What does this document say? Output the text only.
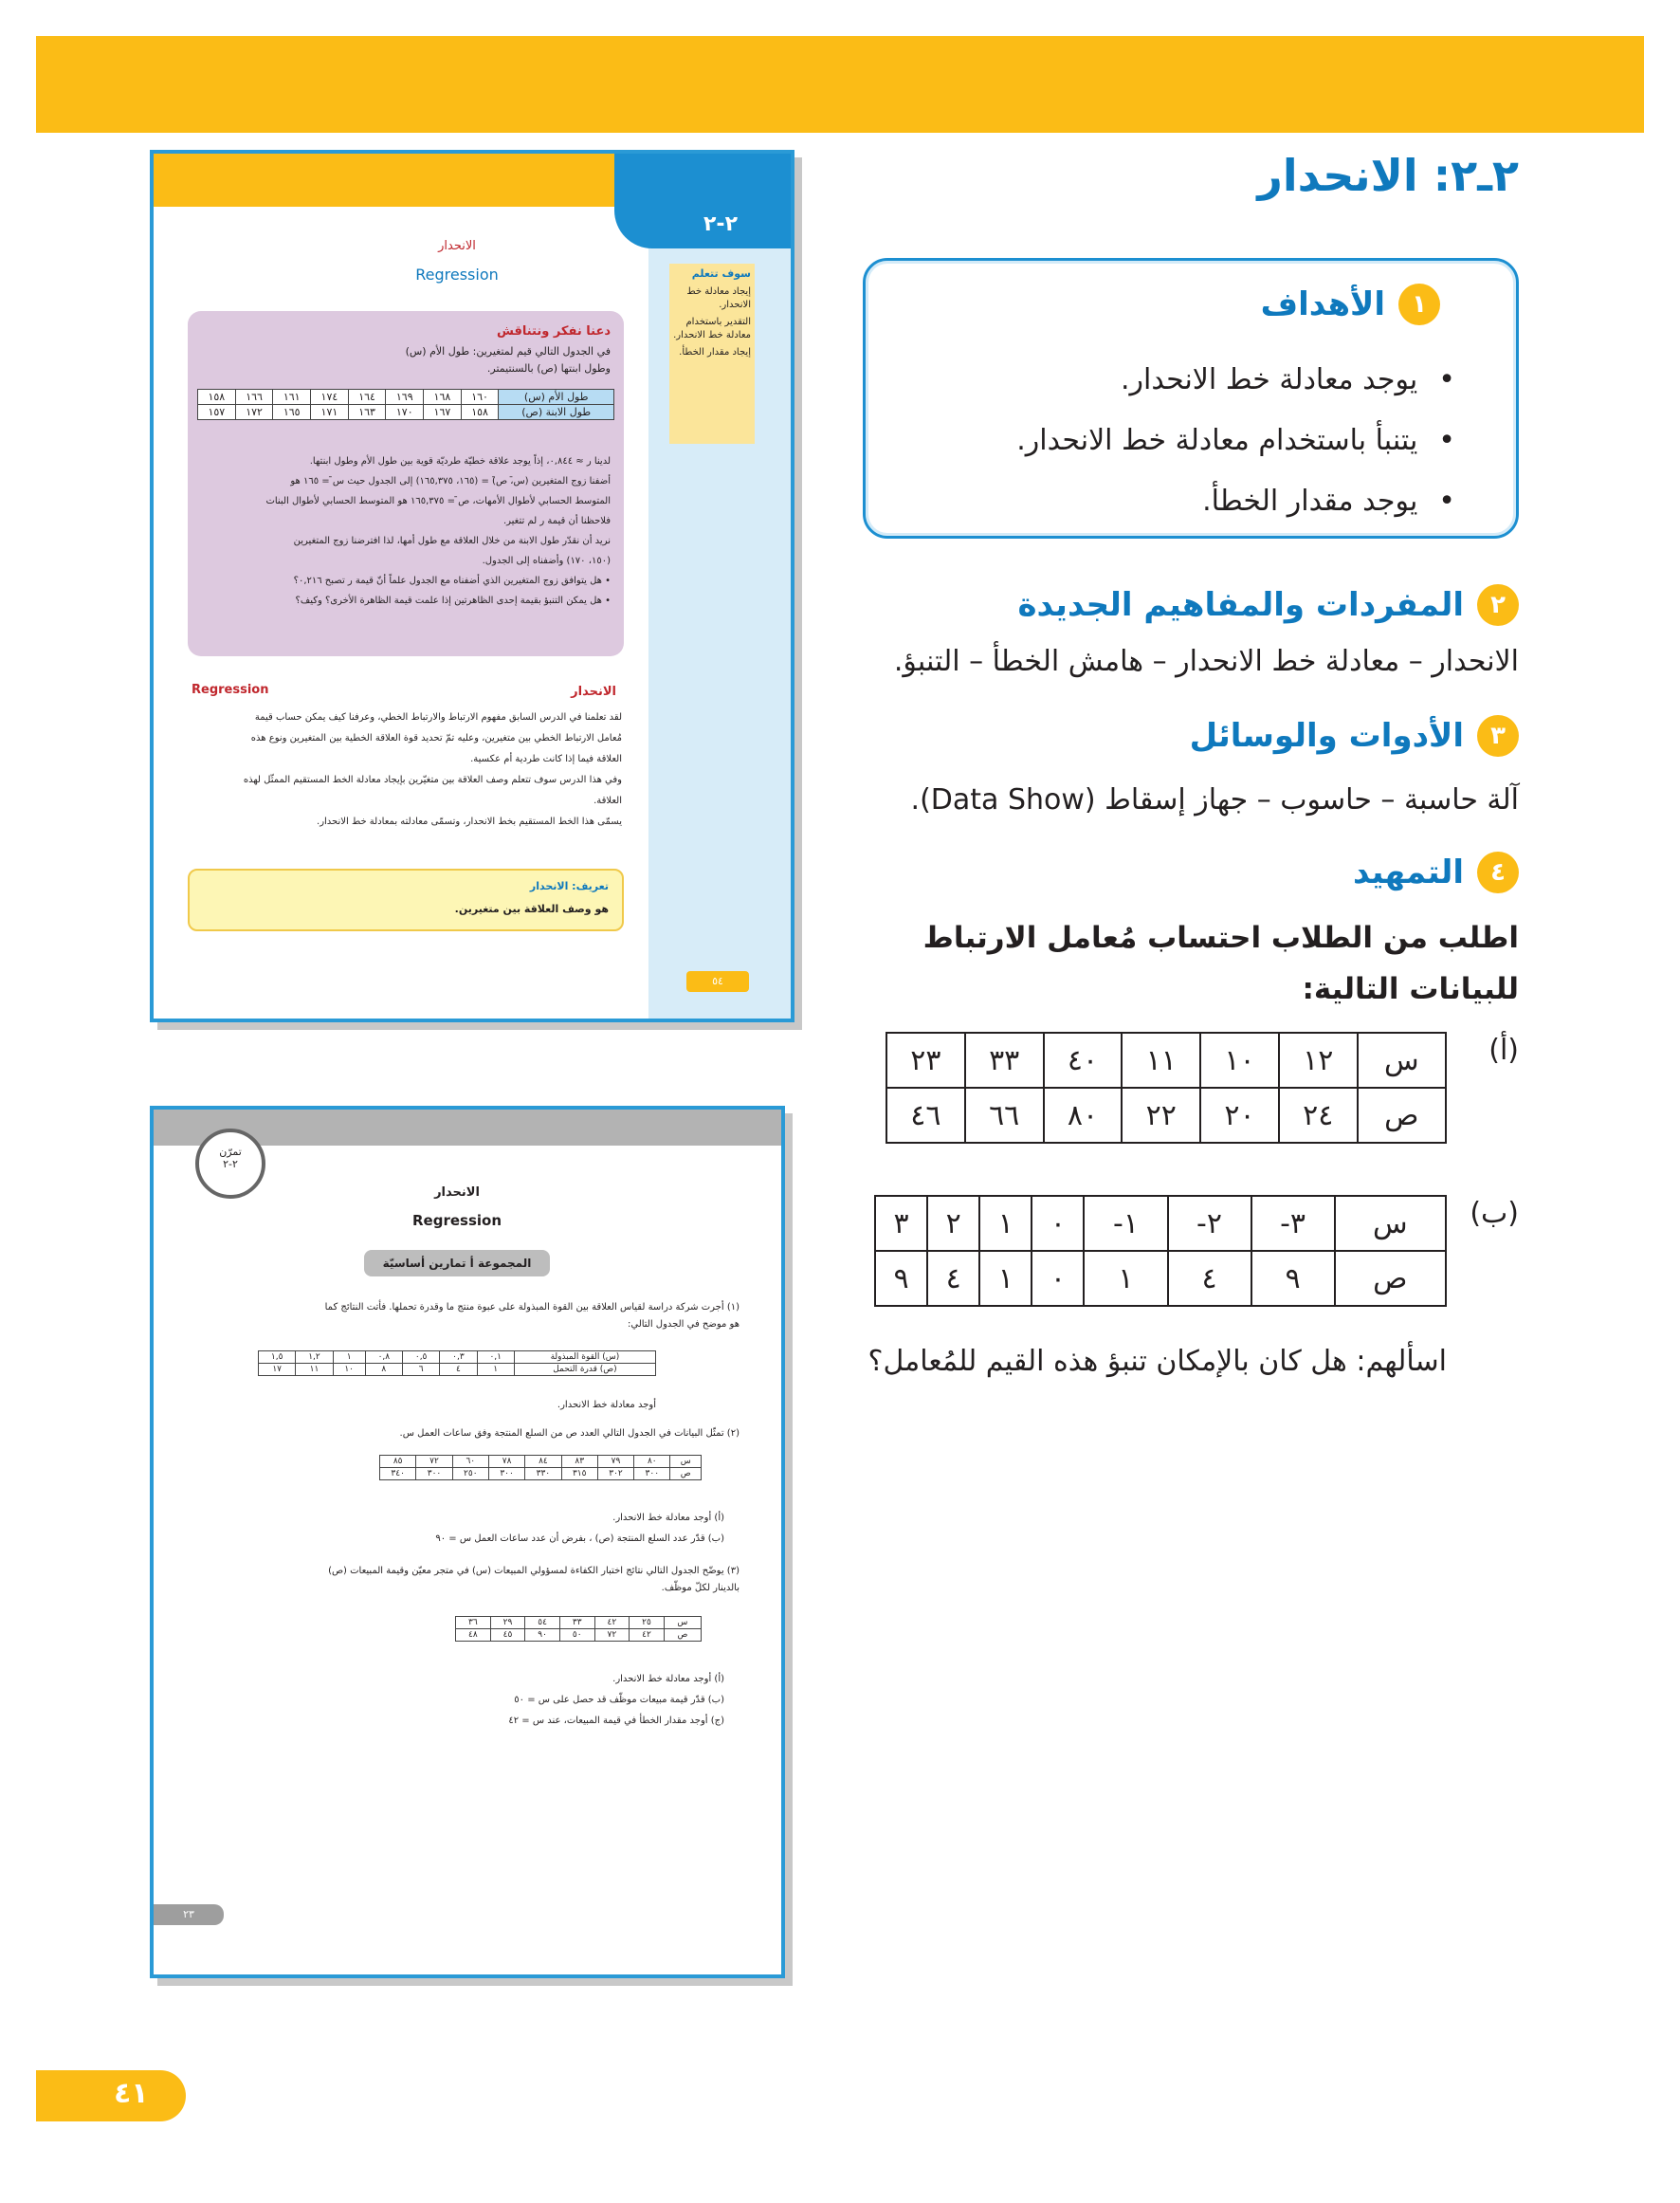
٢ـ٢: الانحدار
١
الأهداف
• يوجد معادلة خط الانحدار.
• يتنبأ باستخدام معادلة خط الانحدار.
• يوجد مقدار الخطأ.
٢
المفردات والمفاهيم الجديدة
الانحدار – معادلة خط الانحدار – هامش الخطأ – التنبؤ.
٣
الأدوات والوسائل
آلة حاسبة – حاسوب – جهاز إسقاط (Data Show).
٤
التمهيد
اطلب من الطلاب احتساب مُعامل الارتباط للبيانات التالية:
(أ)
س	١٢	١٠	١١	٤٠	٣٣	٢٣
ص	٢٤	٢٠	٢٢	٨٠	٦٦	٤٦
(ب)
س	٣-	٢-	١-	٠	١	٢	٣
ص	٩	٤	١	٠	١	٤	٩
اسألهم: هل كان بالإمكان تنبؤ هذه القيم للمُعامل؟
٢-٢
سوف تتعلم
إيجاد معادلة خط الانحدار.
التقدير باستخدام معادلة خط الانحدار.
إيجاد مقدار الخطأ.
٥٤
الانحدار
Regression
دعنا نفكر ونتناقش
في الجدول التالي قيم لمتغيرين: طول الأم (س)
وطول ابنتها (ص) بالسنتيمتر.
طول الأم (س)	١٦٠	١٦٨	١٦٩	١٦٤	١٧٤	١٦١	١٦٦	١٥٨
طول الابنة (ص)	١٥٨	١٦٧	١٧٠	١٦٣	١٧١	١٦٥	١٧٢	١٥٧
لدينا ر ≈ ٠,٨٤٤، إذاً يوجد علاقة خطيّة طرديّة قوية بين طول الأم وطول ابنتها.
أضفنا زوج المتغيرين (س̄، ص̄) = (١٦٥، ١٦٥,٣٧٥) إلى الجدول حيث س̄ = ١٦٥ هو
المتوسط الحسابي لأطوال الأمهات، ص̄ = ١٦٥,٣٧٥ هو المتوسط الحسابي لأطوال البنات
فلاحظنا أن قيمة ر لم تتغير.
نريد أن نقدّر طول الابنة من خلال العلاقة مع طول أمها، لذا افترضنا زوج المتغيرين
(١٥٠، ١٧٠) وأضفناه إلى الجدول.
• هل يتوافق زوج المتغيرين الذي أضفناه مع الجدول علماً أنّ قيمة ر تصبح ٠,٢١٦؟
• هل يمكن التنبؤ بقيمة إحدى الظاهرتين إذا علمت قيمة الظاهرة الأخرى؟ وكيف؟
الانحدار
Regression
لقد تعلمنا في الدرس السابق مفهوم الارتباط والارتباط الخطي، وعرفنا كيف يمكن حساب قيمة
مُعامل الارتباط الخطي بين متغيرين، وعليه تمّ تحديد قوة العلاقة الخطية بين المتغيرين ونوع هذه
العلاقة فيما إذا كانت طردية أم عكسية.
وفي هذا الدرس سوف تتعلم وصف العلاقة بين متغيّرين بإيجاد معادلة الخط المستقيم الممثّل لهذه
العلاقة.
يسمّى هذا الخط المستقيم بخط الانحدار، وتسمّى معادلته بمعادلة خط الانحدار.
تعريف: الانحدار
هو وصف العلاقة بين متغيرين.
تمرّن
٢-٢
الانحدار
Regression
المجموعة أ تمارين أساسيّة
(١) أجرت شركة دراسة لقياس العلاقة بين القوة المبذولة على عبوة منتج ما وقدرة تحملها. فأتت النتائج كما
هو موضح في الجدول التالي:
(س) القوة المبذولة	٠,١	٠,٣	٠,٥	٠,٨	١	١,٢	١,٥
(ص) قدرة التحمل	١	٤	٦	٨	١٠	١١	١٧
أوجد معادلة خط الانحدار.
(٢) تمثّل البيانات في الجدول التالي العدد ص من السلع المنتجة وفق ساعات العمل س.
س	٨٠	٧٩	٨٣	٨٤	٧٨	٦٠	٧٢	٨٥
ص	٣٠٠	٣٠٢	٣١٥	٣٣٠	٣٠٠	٢٥٠	٣٠٠	٣٤٠
(أ) أوجد معادلة خط الانحدار.
(ب) قدّر عدد السلع المنتجة (ص) ، بفرض أن عدد ساعات العمل س = ٩٠
(٣) يوضّح الجدول التالي نتائج اختبار الكفاءة لمسؤولي المبيعات (س) في متجر معيّن وقيمة المبيعات (ص)
بالدينار لكلّ موظّف.
س	٢٥	٤٢	٣٣	٥٤	٢٩	٣٦
ص	٤٢	٧٢	٥٠	٩٠	٤٥	٤٨
(أ) أوجد معادلة خط الانحدار.
(ب) قدّر قيمة مبيعات موظّف قد حصل على س = ٥٠
(ج) أوجد مقدار الخطأ في قيمة المبيعات، عند س = ٤٢
٢٣
٤١
